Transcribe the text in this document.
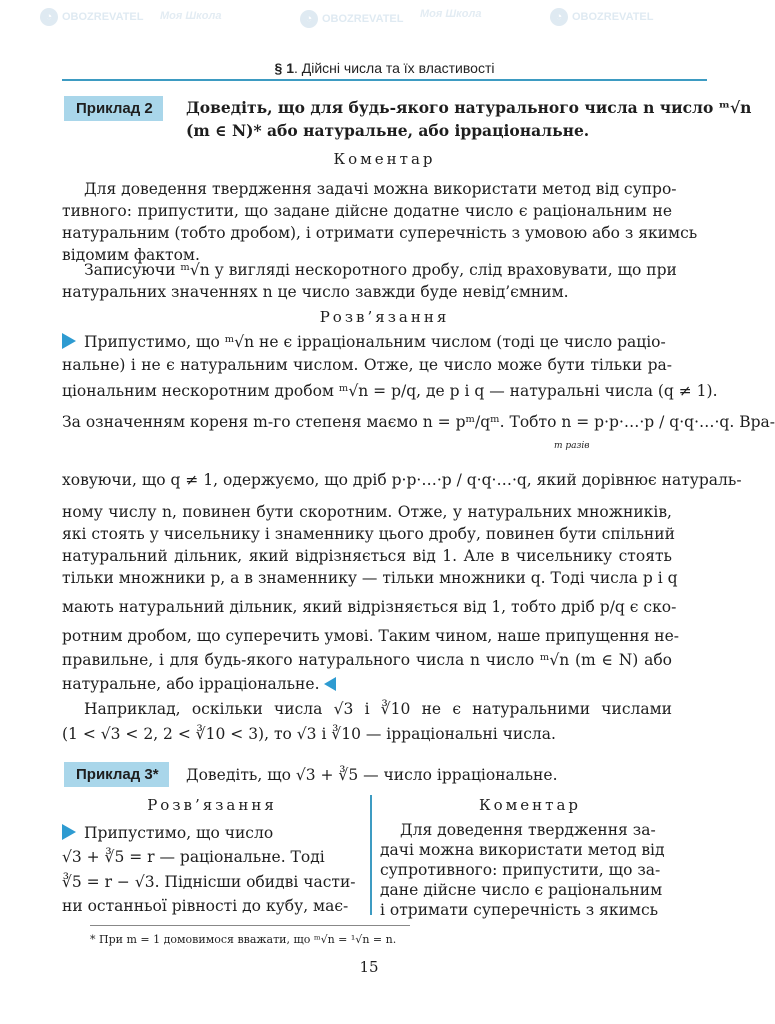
◔ OBOZREVATEL Моя Школа	◔ OBOZREVATEL Моя Школа	◔ OBOZREVATEL
§ 1. Дійсні числа та їх властивості
Приклад 2	Доведіть, що для будь-якого натурального числа n число ᵐ√n
(m ∈ N)* або натуральне, або ірраціональне.
Коментар
Для доведення твердження задачі можна використати метод від супро-
тивного: припустити, що задане дійсне додатне число є раціональним не
натуральним (тобто дробом), і отримати суперечність з умовою або з якимсь
відомим фактом.
Записуючи ᵐ√n у вигляді нескоротного дробу, слід враховувати, що при
натуральних значеннях n це число завжди буде невід’ємним.
Розв’язання
Припустимо, що ᵐ√n не є ірраціональним числом (тоді це число раціо-
нальне) і не є натуральним числом. Отже, це число може бути тільки ра-
ціональним нескоротним дробом ᵐ√n = p/q, де p і q — натуральні числа (q ≠ 1).
За означенням кореня m-го степеня маємо n = pᵐ/qᵐ. Тобто n = p·p·…·p / q·q·…·q. Вра-
m разів
ховуючи, що q ≠ 1, одержуємо, що дріб p·p·…·p / q·q·…·q, який дорівнює натураль-
ному числу n, повинен бути скоротним. Отже, у натуральних множників,
які стоять у чисельнику і знаменнику цього дробу, повинен бути спільний
натуральний дільник, який відрізняється від 1. Але в чисельнику стоять
тільки множники p, а в знаменнику — тільки множники q. Тоді числа p і q
мають натуральний дільник, який відрізняється від 1, тобто дріб p/q є ско-
ротним дробом, що суперечить умові. Таким чином, наше припущення не-
правильне, і для будь-якого натурального числа n число ᵐ√n (m ∈ N) або
натуральне, або ірраціональне.
Наприклад, оскільки числа √3 і ∛10 не є натуральними числами
(1 < √3 < 2, 2 < ∛10 < 3), то √3 і ∛10 — ірраціональні числа.
Приклад 3*	Доведіть, що √3 + ∛5 — число ірраціональне.
Розв’язання	Коментар
Припустимо, що число
√3 + ∛5 = r — раціональне. Тоді
∛5 = r − √3. Піднісши обидві части-
ни останньої рівності до кубу, має-
Для доведення твердження за-
дачі можна використати метод від
супротивного: припустити, що за-
дане дійсне число є раціональним
і отримати суперечність з якимсь
* При m = 1 домовимося вважати, що ᵐ√n = ¹√n = n.
15
